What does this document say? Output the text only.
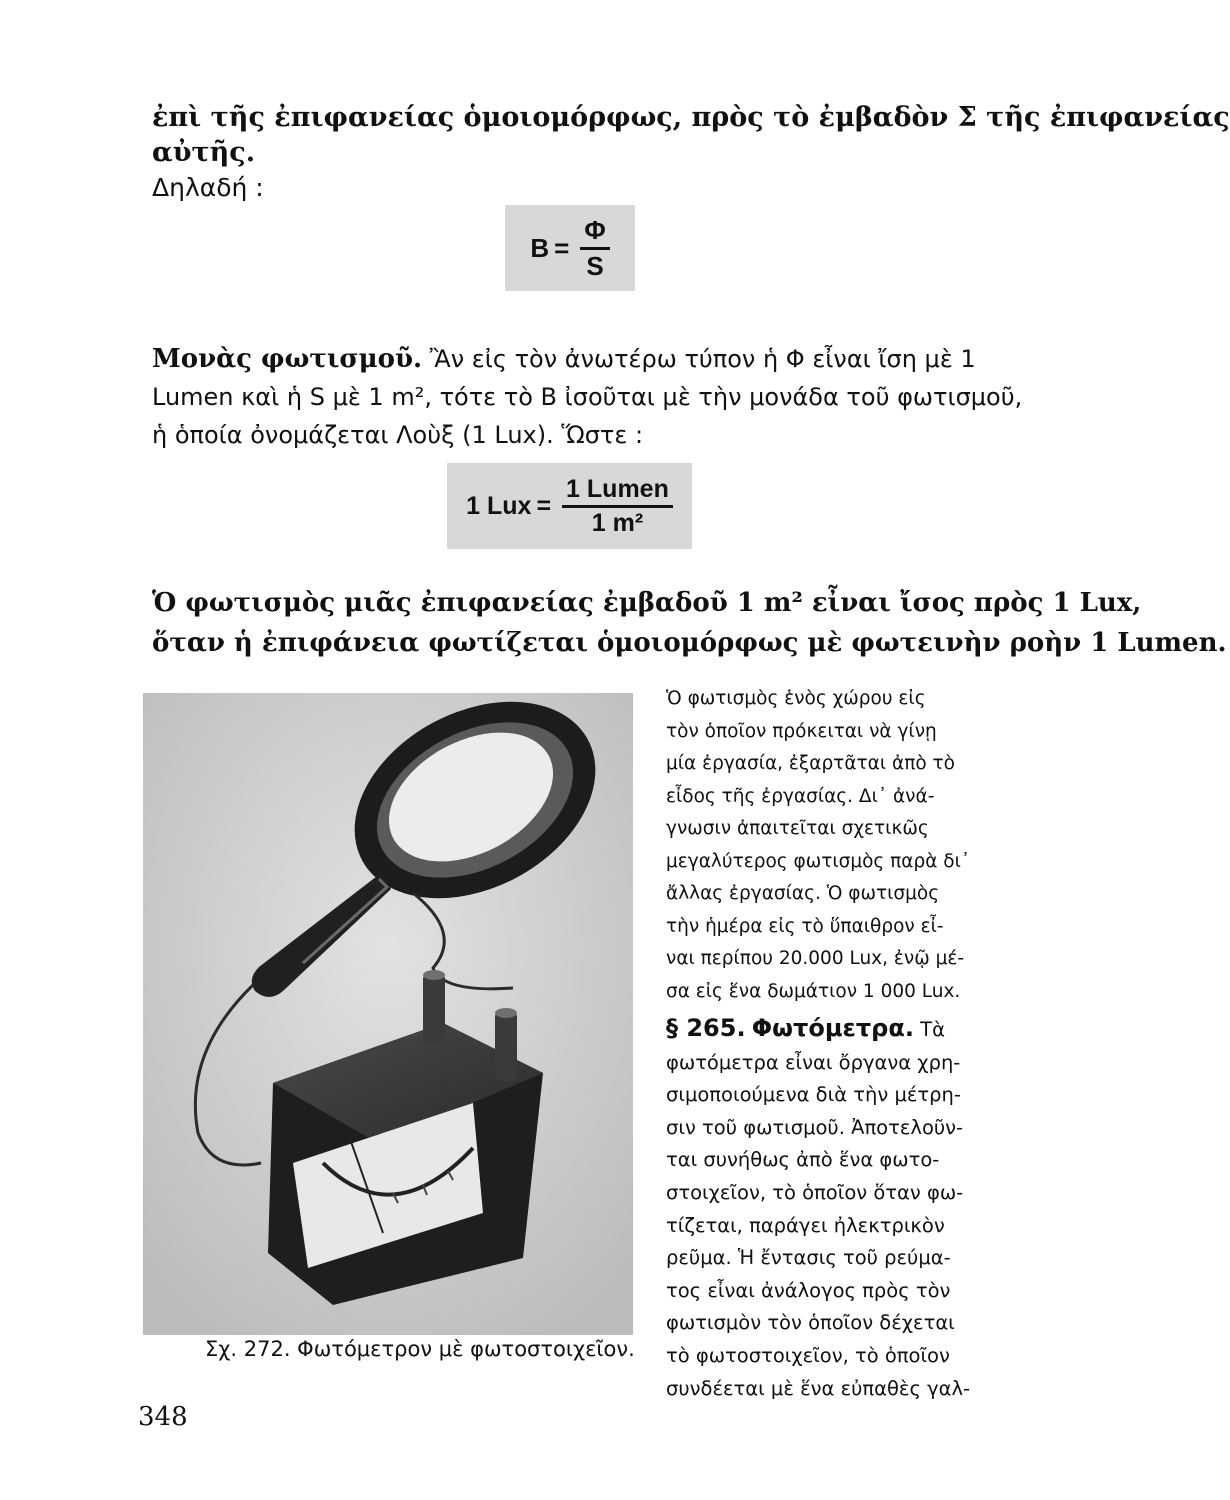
ἐπὶ τῆς ἐπιφανείας ὁμοιομόρφως, πρὸς τὸ ἐμβαδὸν Σ τῆς ἐπιφανείας
αὐτῆς.
Δηλαδή :
$B = \frac{\Phi}{S}$
Μονὰς φωτισμοῦ. Ἂν εἰς τὸν ἀνωτέρω τύπον ἡ Φ εἶναι ἴση μὲ 1
Lumen καὶ ἡ S μὲ 1 m², τότε τὸ B ἰσοῦται μὲ τὴν μονάδα τοῦ φωτισμοῦ,
ἡ ὁποία ὀνομάζεται Λοὺξ (1 Lux). Ὥστε :
1 Lux = $\frac{\text{1 Lumen}}{\text{1 m²}}$
Ὁ φωτισμὸς μιᾶς ἐπιφανείας ἐμβαδοῦ 1 m² εἶναι ἴσος πρὸς 1 Lux,
ὅταν ἡ ἐπιφάνεια φωτίζεται ὁμοιομόρφως μὲ φωτεινὴν ροὴν 1 Lumen.
Σχ. 272. Φωτόμετρον μὲ φωτοστοιχεῖον.
Ὁ φωτισμὸς ἑνὸς χώρου εἰς
τὸν ὁποῖον πρόκειται νὰ γίνῃ
μία ἐργασία, ἐξαρτᾶται ἀπὸ τὸ
εἶδος τῆς ἐργασίας. Δι᾽ ἀνά-
γνωσιν ἀπαιτεῖται σχετικῶς
μεγαλύτερος φωτισμὸς παρὰ δι᾽
ἄλλας ἐργασίας. Ὁ φωτισμὸς
τὴν ἡμέρα εἰς τὸ ὕπαιθρον εἶ-
ναι περίπου 20.000 Lux, ἐνῷ μέ-
σα εἰς ἕνα δωμάτιον 1 000 Lux.
§ 265. Φωτόμετρα. Τὰ
φωτόμετρα εἶναι ὄργανα χρη-
σιμοποιούμενα διὰ τὴν μέτρη-
σιν τοῦ φωτισμοῦ. Ἀποτελοῦν-
ται συνήθως ἀπὸ ἕνα φωτο-
στοιχεῖον, τὸ ὁποῖον ὅταν φω-
τίζεται, παράγει ἠλεκτρικὸν
ρεῦμα. Ἡ ἔντασις τοῦ ρεύμα-
τος εἶναι ἀνάλογος πρὸς τὸν
φωτισμὸν τὸν ὁποῖον δέχεται
τὸ φωτοστοιχεῖον, τὸ ὁποῖον
συνδέεται μὲ ἕνα εὐπαθὲς γαλ-
348
